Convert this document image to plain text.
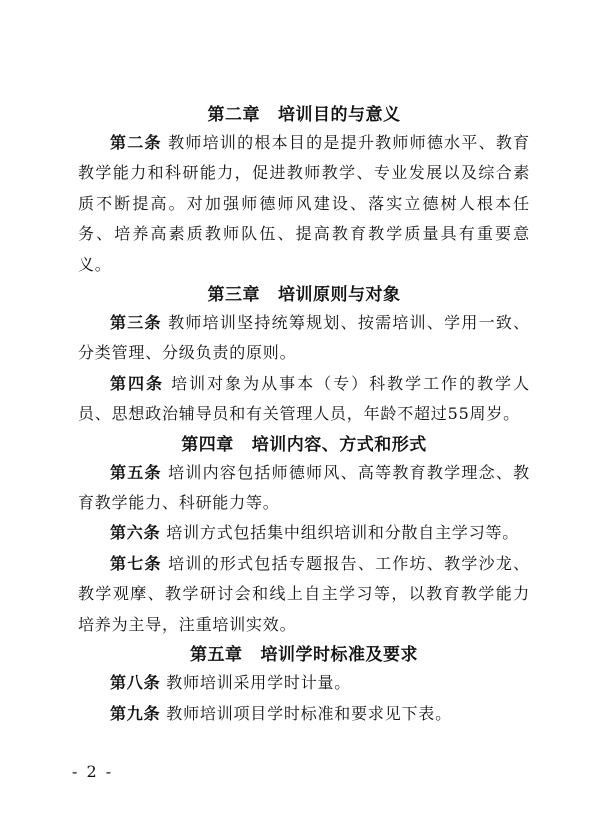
第二章 培训目的与意义

第二条 教师培训的根本目的是提升教师师德水平、教育教学能力和科研能力，促进教师教学、专业发展以及综合素质不断提高。对加强师德师风建设、落实立德树人根本任务、培养高素质教师队伍、提高教育教学质量具有重要意义。

第三章 培训原则与对象

第三条 教师培训坚持统筹规划、按需培训、学用一致、分类管理、分级负责的原则。

第四条 培训对象为从事本（专）科教学工作的教学人员、思想政治辅导员和有关管理人员，年龄不超过55周岁。

第四章 培训内容、方式和形式

第五条 培训内容包括师德师风、高等教育教学理念、教育教学能力、科研能力等。

第六条 培训方式包括集中组织培训和分散自主学习等。

第七条 培训的形式包括专题报告、工作坊、教学沙龙、教学观摩、教学研讨会和线上自主学习等，以教育教学能力培养为主导，注重培训实效。

第五章 培训学时标准及要求

第八条 教师培训采用学时计量。

第九条 教师培训项目学时标准和要求见下表。

- 2 -
